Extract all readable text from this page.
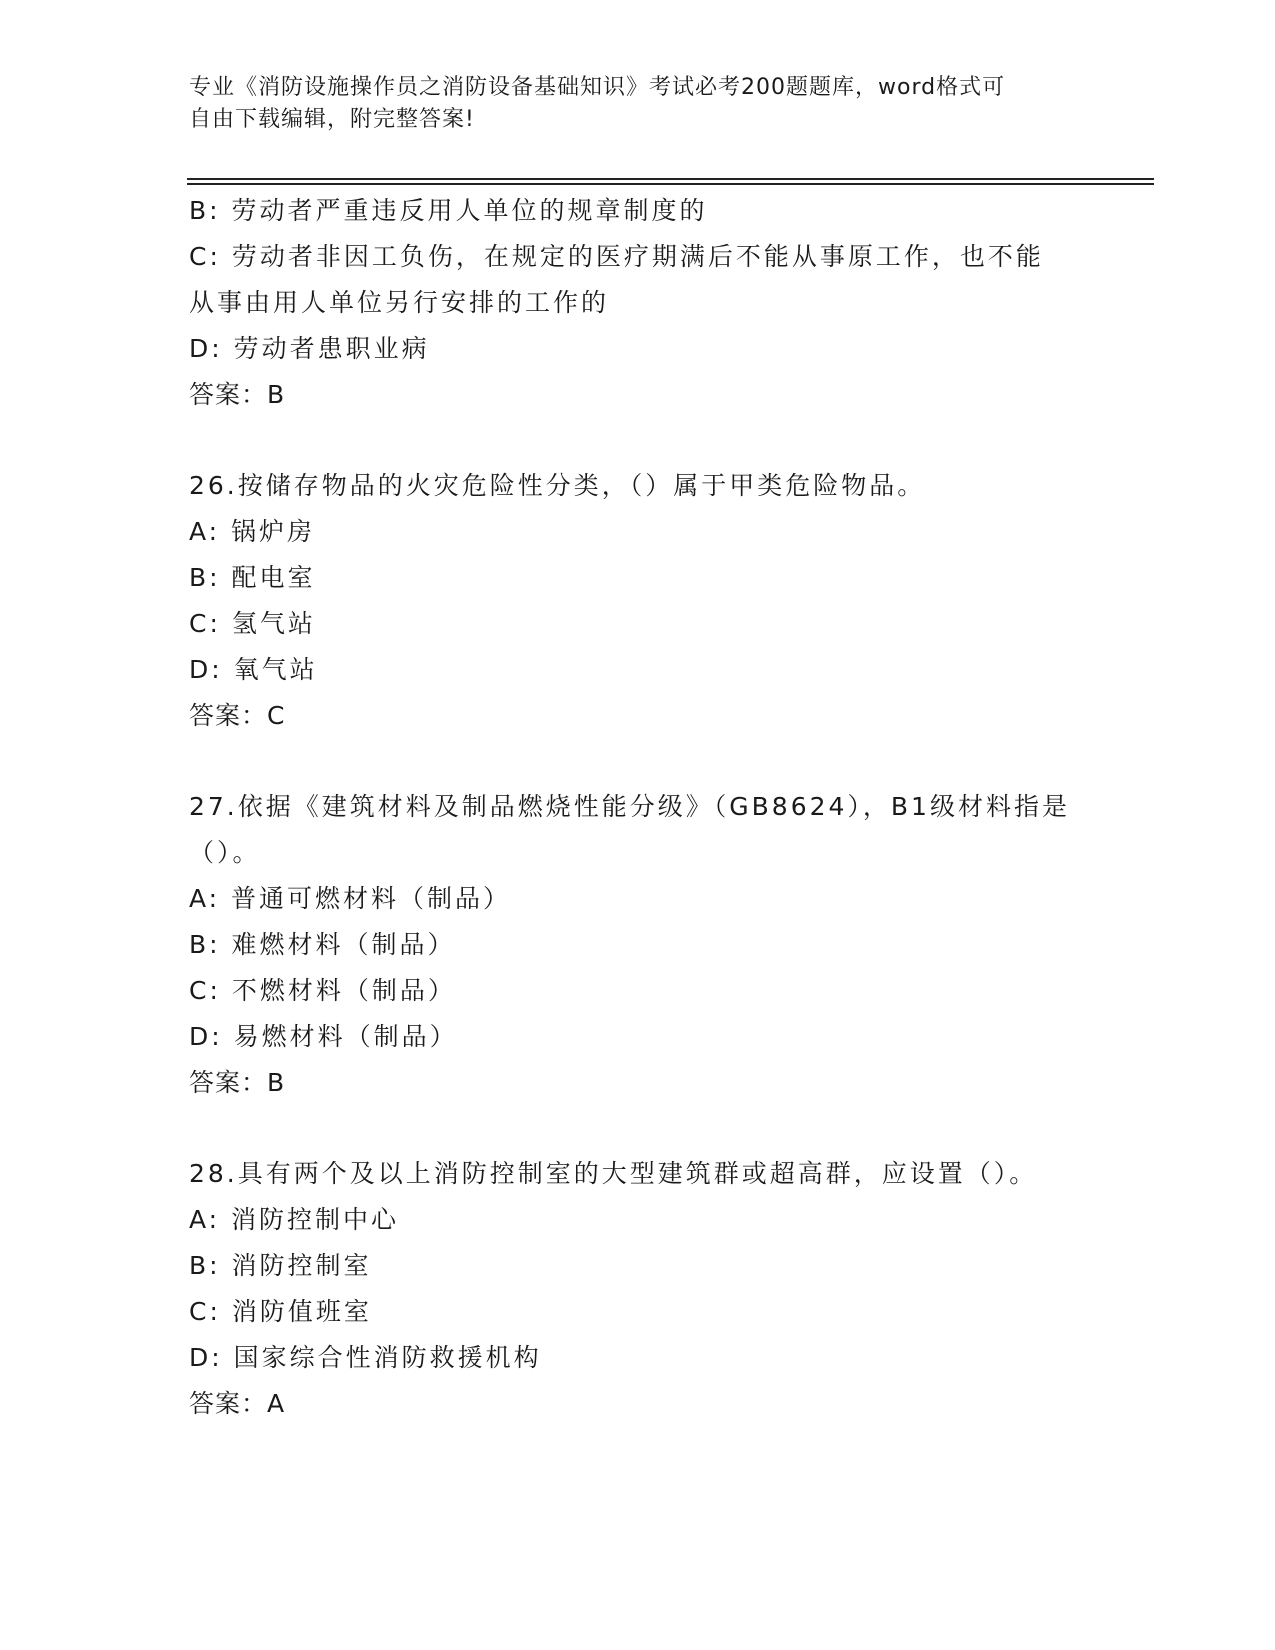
专业《消防设施操作员之消防设备基础知识》考试必考200题题库，word格式可
自由下载编辑，附完整答案!
B: 劳动者严重违反用人单位的规章制度的
C: 劳动者非因工负伤，在规定的医疗期满后不能从事原工作，也不能
从事由用人单位另行安排的工作的
D: 劳动者患职业病
答案：B
26.按储存物品的火灾危险性分类，（）属于甲类危险物品。
A: 锅炉房
B: 配电室
C: 氢气站
D: 氧气站
答案：C
27.依据《建筑材料及制品燃烧性能分级》（GB8624），B1级材料指是
（）。
A: 普通可燃材料（制品）
B: 难燃材料（制品）
C: 不燃材料（制品）
D: 易燃材料（制品）
答案：B
28.具有两个及以上消防控制室的大型建筑群或超高群，应设置（）。
A: 消防控制中心
B: 消防控制室
C: 消防值班室
D: 国家综合性消防救援机构
答案：A
